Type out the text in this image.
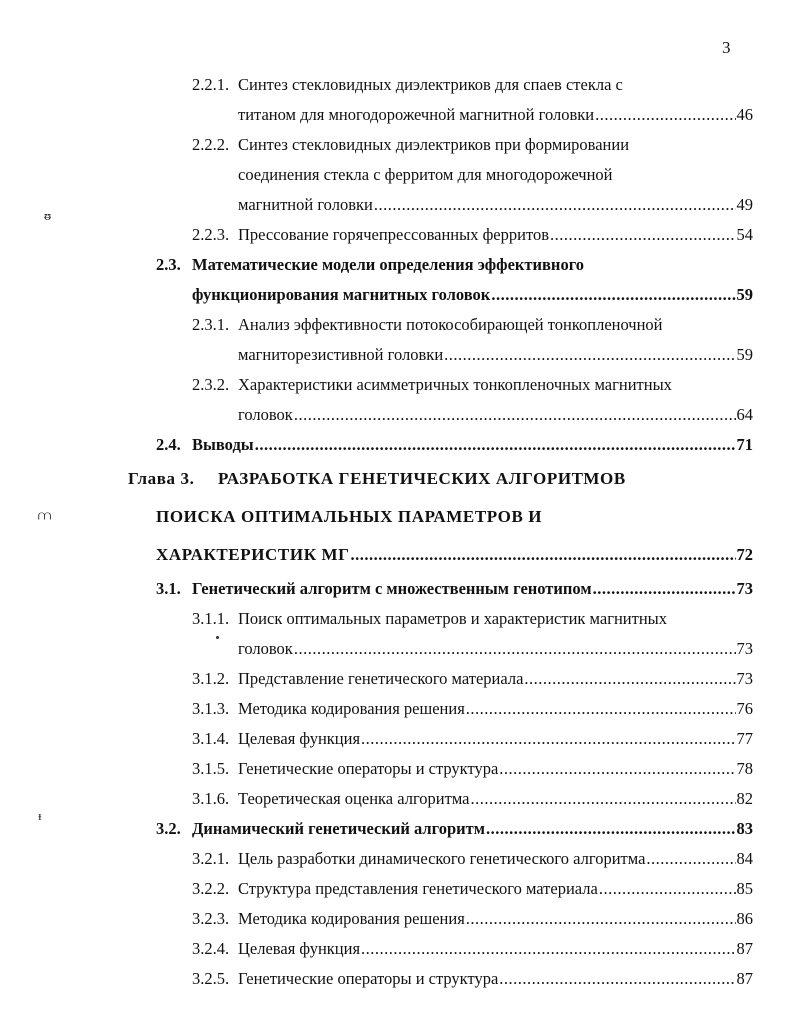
3
ᵿ
⩋
ᵻ
2.2.1. Синтез стекловидных диэлектриков для спаев стекла с
титаном для многодорожечной магнитной головки .....	46
2.2.2. Синтез стекловидных диэлектриков при формировании
соединения стекла с ферритом для многодорожечной
магнитной головки .....	49
2.2.3. Прессование горячепрессованных ферритов .....	54
2.3. Математические модели определения эффективного
функционирования магнитных головок .....	59
2.3.1. Анализ эффективности потокособирающей тонкопленочной
магниторезистивной головки .....	59
2.3.2. Характеристики асимметричных тонкопленочных магнитных
головок .....	64
2.4. Выводы .....	71
Глава 3.	РАЗРАБОТКА ГЕНЕТИЧЕСКИХ АЛГОРИТМОВ
ПОИСКА ОПТИМАЛЬНЫХ ПАРАМЕТРОВ И
ХАРАКТЕРИСТИК МГ .....	72
3.1. Генетический алгоритм с множественным генотипом .....	73
3.1.1. Поиск оптимальных параметров и характеристик магнитных
головок .....	73
3.1.2. Представление генетического материала .....	73
3.1.3. Методика кодирования решения .....	76
3.1.4. Целевая функция .....	77
3.1.5. Генетические операторы и структура .....	78
3.1.6. Теоретическая оценка алгоритма .....	82
3.2. Динамический генетический алгоритм .....	83
3.2.1. Цель разработки динамического генетического алгоритма .....	84
3.2.2. Структура представления генетического материала .....	85
3.2.3. Методика кодирования решения .....	86
3.2.4. Целевая функция .....	87
3.2.5. Генетические операторы и структура .....	87
